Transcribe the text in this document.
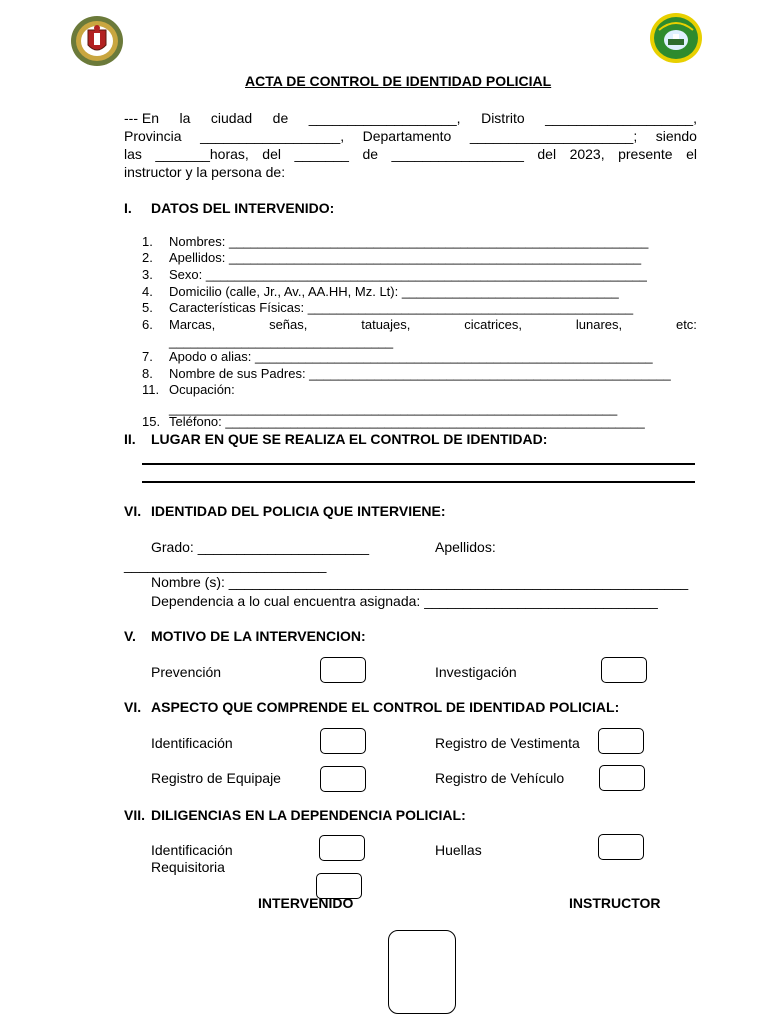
ACTA DE CONTROL DE IDENTIDAD POLICIAL
--- En la ciudad de ___________________, Distrito ___________________,
Provincia __________________, Departamento _____________________; siendo
las _______horas, del _______ de _________________ del 2023, presente el
instructor y la persona de:
I. DATOS DEL INTERVENIDO:
1. Nombres: __________________________________________________________
2. Apellidos: _________________________________________________________
3. Sexo: _____________________________________________________________
4. Domicilio (calle, Jr., Av., AA.HH, Mz. Lt): ______________________________
5. Características Físicas: _____________________________________________
6. Marcas,	señas,	tatuajes,	cicatrices,	lunares,	etc:
_______________________________
7. Apodo o alias: _______________________________________________________
8. Nombre de sus Padres: __________________________________________________
11. Ocupación:
______________________________________________________________
15. Teléfono: __________________________________________________________
II. LUGAR EN QUE SE REALIZA EL CONTROL DE IDENTIDAD:
VI. IDENTIDAD DEL POLICIA QUE INTERVIENE:
Grado: ______________________	Apellidos:
__________________________
Nombre (s): ___________________________________________________________
Dependencia a lo cual encuentra asignada: ______________________________
V. MOTIVO DE LA INTERVENCION:
Prevención	Investigación
VI. ASPECTO QUE COMPRENDE EL CONTROL DE IDENTIDAD POLICIAL:
Identificación	Registro de Vestimenta
Registro de Equipaje	Registro de Vehículo
VII. DILIGENCIAS EN LA DEPENDENCIA POLICIAL:
Identificación	Huellas
Requisitoria
INTERVENIDO	INSTRUCTOR
